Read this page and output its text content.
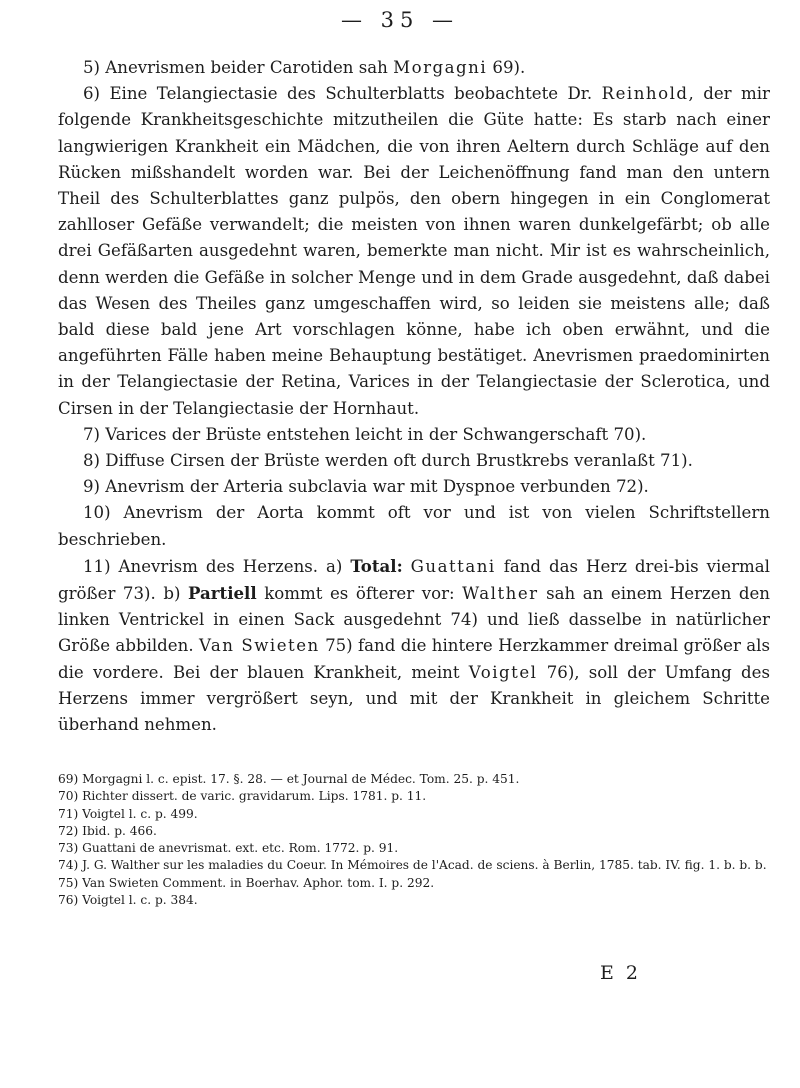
— 35 —

5) Anevrismen beider Carotiden sah Morgagni 69).

6) Eine Telangiectasie des Schulterblatts beobachtete Dr. Reinhold, der mir folgende Krankheitsgeschichte mitzutheilen die Güte hatte: Es starb nach einer langwierigen Krankheit ein Mädchen, die von ihren Aeltern durch Schläge auf den Rücken mißshandelt worden war. Bei der Leichenöffnung fand man den untern Theil des Schulterblattes ganz pulpös, den obern hingegen in ein Conglomerat zahlloser Gefäße verwandelt; die meisten von ihnen waren dunkelgefärbt; ob alle drei Gefäßarten ausgedehnt waren, bemerkte man nicht. Mir ist es wahrscheinlich, denn werden die Gefäße in solcher Menge und in dem Grade ausgedehnt, daß dabei das Wesen des Theiles ganz umgeschaffen wird, so leiden sie meistens alle; daß bald diese bald jene Art vorschlagen könne, habe ich oben erwähnt, und die angeführten Fälle haben meine Behauptung bestätiget. Anevrismen praedominirten in der Telangiectasie der Retina, Varices in der Telangiectasie der Sclerotica, und Cirsen in der Telangiectasie der Hornhaut.

7) Varices der Brüste entstehen leicht in der Schwangerschaft 70).

8) Diffuse Cirsen der Brüste werden oft durch Brustkrebs veranlaßt 71).

9) Anevrism der Arteria subclavia war mit Dyspnoe verbunden 72).

10) Anevrism der Aorta kommt oft vor und ist von vielen Schriftstellern beschrieben.

11) Anevrism des Herzens. a) Total: Guattani fand das Herz drei-bis viermal größer 73). b) Partiell kommt es öfterer vor: Walther sah an einem Herzen den linken Ventrickel in einen Sack ausgedehnt 74) und ließ dasselbe in natürlicher Größe abbilden. Van Swieten 75) fand die hintere Herzkammer dreimal größer als die vordere. Bei der blauen Krankheit, meint Voigtel 76), soll der Umfang des Herzens immer vergrößert seyn, und mit der Krankheit in gleichem Schritte überhand nehmen.

69) Morgagni l. c. epist. 17. §. 28. — et Journal de Médec. Tom. 25. p. 451.
70) Richter dissert. de varic. gravidarum. Lips. 1781. p. 11.
71) Voigtel l. c. p. 499.
72) Ibid. p. 466.
73) Guattani de anevrismat. ext. etc. Rom. 1772. p. 91.
74) J. G. Walther sur les maladies du Coeur. In Mémoires de l'Acad. de sciens. à Berlin, 1785. tab. IV. fig. 1. b. b. b.
75) Van Swieten Comment. in Boerhav. Aphor. tom. I. p. 292.
76) Voigtel l. c. p. 384.
E 2
